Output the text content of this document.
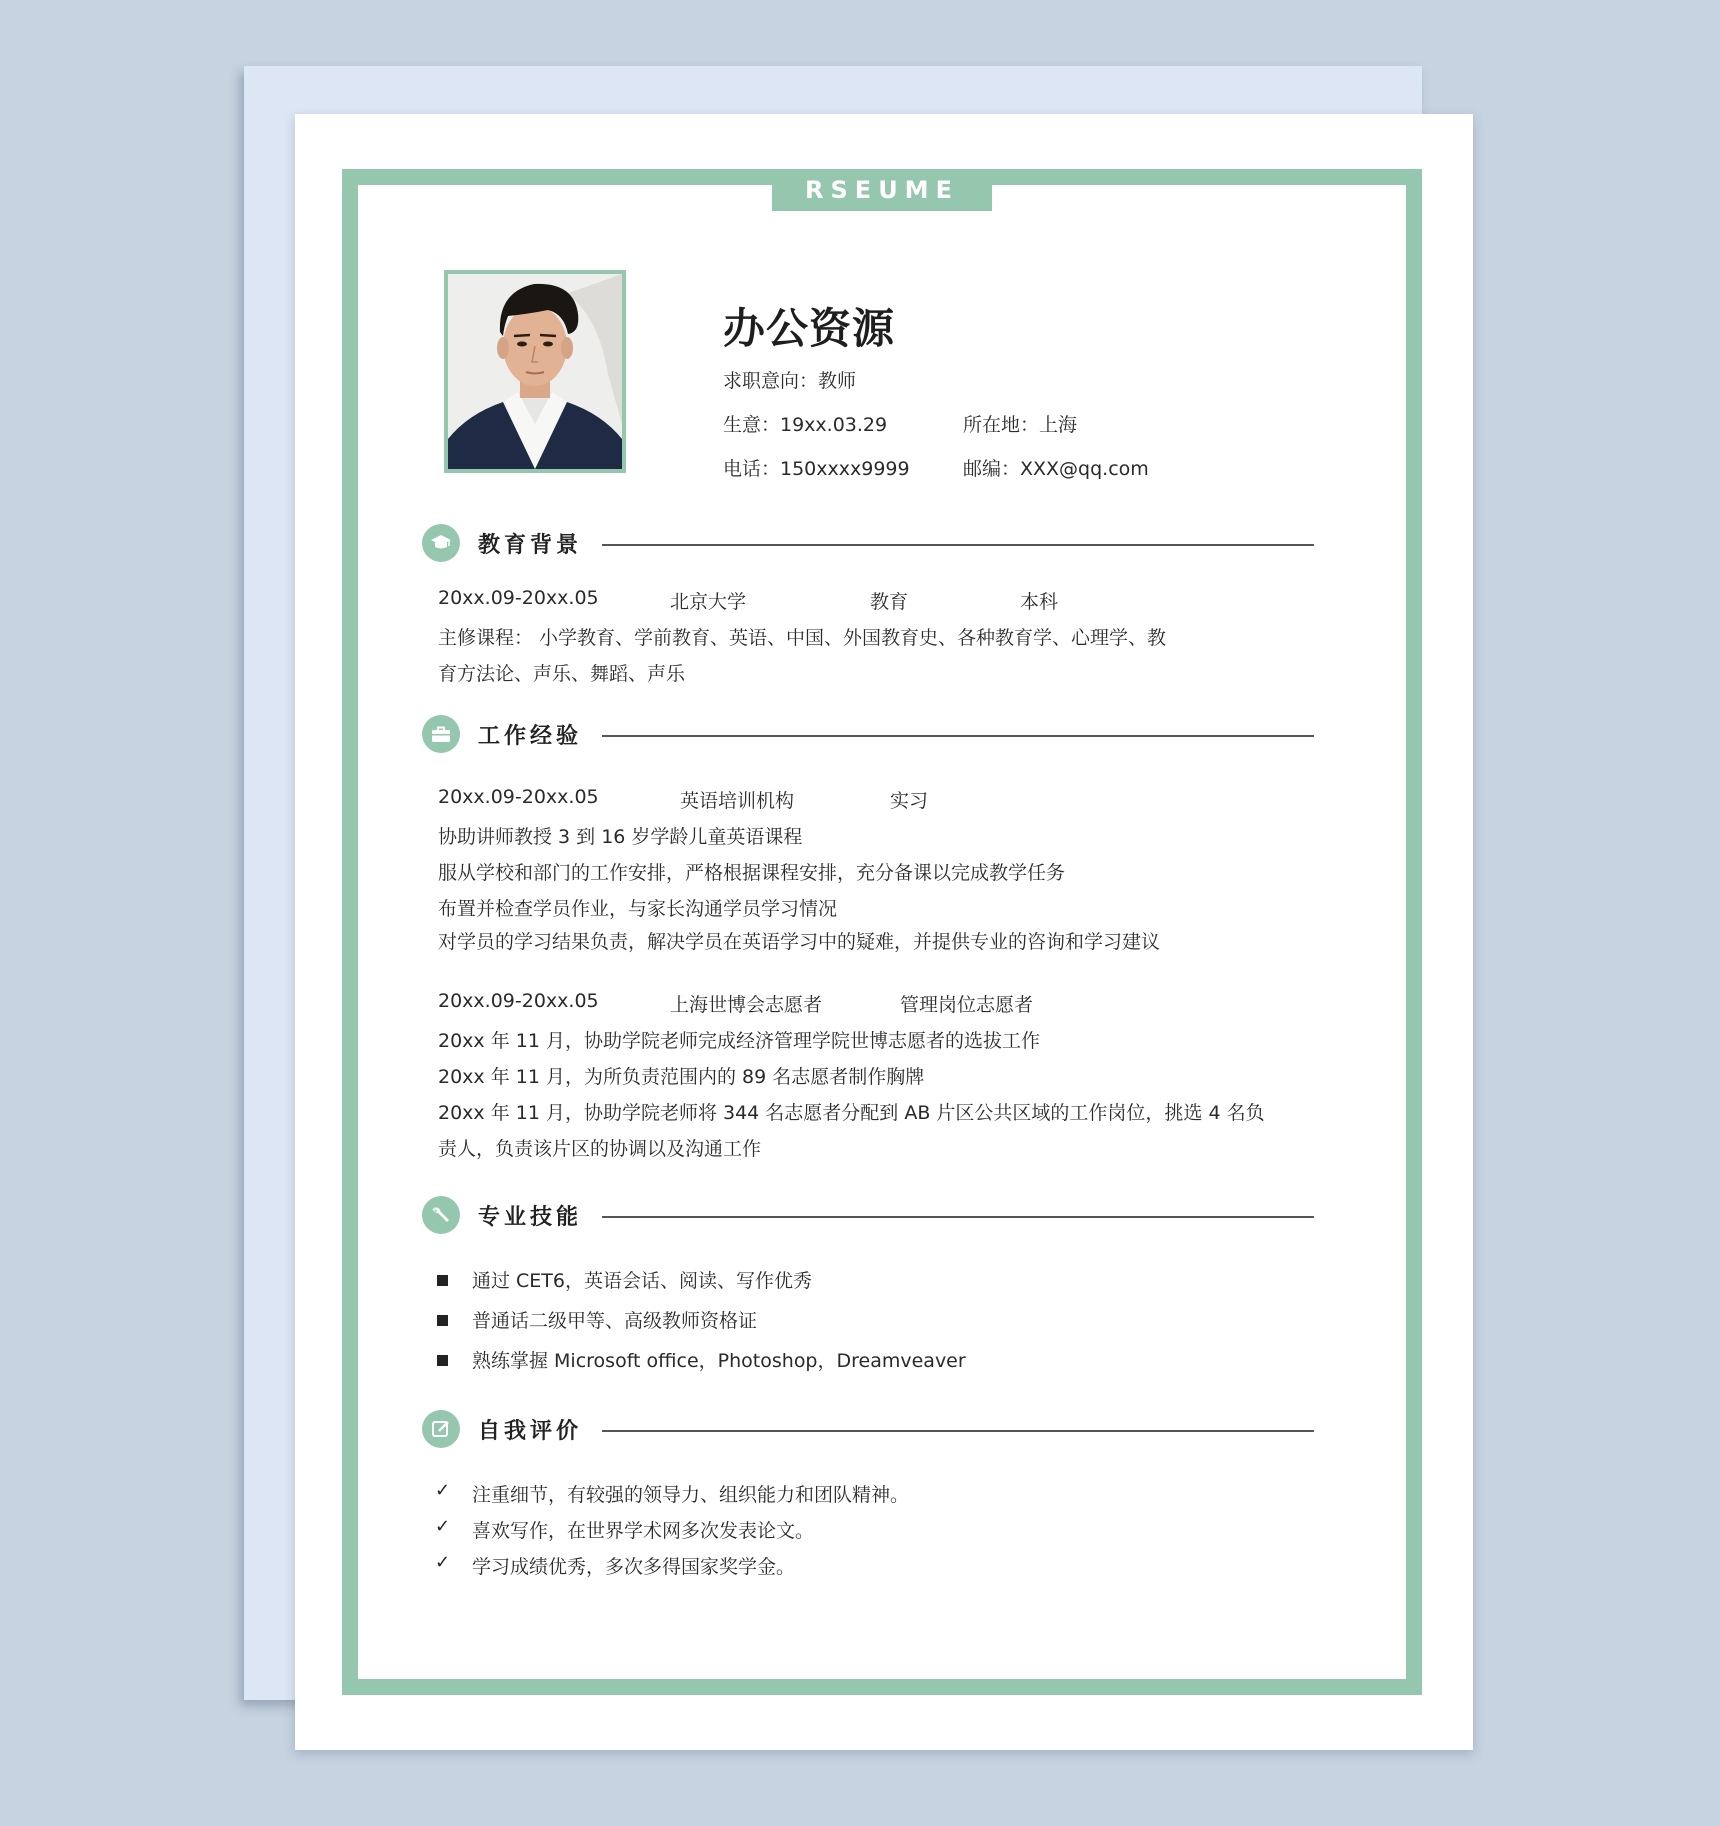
RSEUME
办公资源
求职意向：教师
生意：19xx.03.29	所在地：上海
电话：150xxxx9999	邮编：XXX@qq.com
教育背景
20xx.09-20xx.05	北京大学	教育	本科
主修课程： 小学教育、学前教育、英语、中国、外国教育史、各种教育学、心理学、教
育方法论、声乐、舞蹈、声乐
工作经验
20xx.09-20xx.05	英语培训机构	实习
协助讲师教授 3 到 16 岁学龄儿童英语课程
服从学校和部门的工作安排，严格根据课程安排，充分备课以完成教学任务
布置并检查学员作业，与家长沟通学员学习情况
对学员的学习结果负责，解决学员在英语学习中的疑难，并提供专业的咨询和学习建议
20xx.09-20xx.05	上海世博会志愿者	管理岗位志愿者
20xx 年 11 月，协助学院老师完成经济管理学院世博志愿者的选拔工作
20xx 年 11 月，为所负责范围内的 89 名志愿者制作胸牌
20xx 年 11 月，协助学院老师将 344 名志愿者分配到 AB 片区公共区域的工作岗位，挑选 4 名负
责人，负责该片区的协调以及沟通工作
专业技能
通过 CET6，英语会话、阅读、写作优秀
普通话二级甲等、高级教师资格证
熟练掌握 Microsoft office，Photoshop，Dreamveaver
自我评价
✓ 注重细节，有较强的领导力、组织能力和团队精神。
✓ 喜欢写作，在世界学术网多次发表论文。
✓ 学习成绩优秀，多次多得国家奖学金。
